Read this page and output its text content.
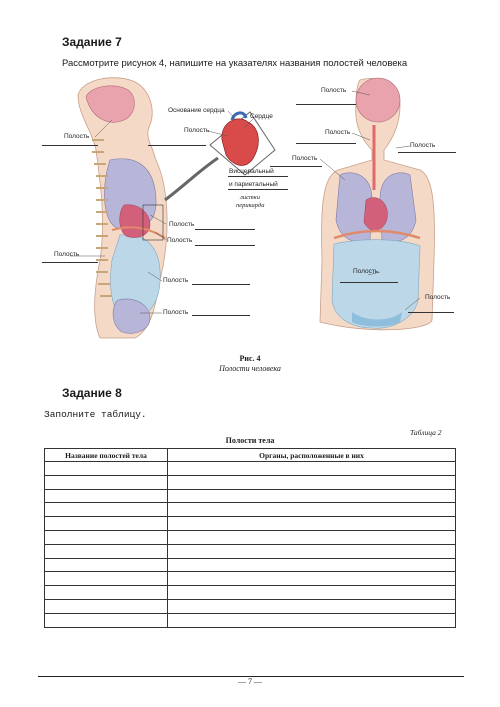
Задание 7
Рассмотрите рисунок 4, напишите на указателях названия полостей человека
Полость
Полость
Основание сердца
Сердце
Полость
Висцеральный
и париетальный
листки
перикарда
Полость
Полость
Полость
Полость
Полость
Полость
Полость
Полость
Полость
Полость
Рис. 4
Полости человека
Задание 8
Заполните таблицу.
Таблица 2
Полости тела
Название полостей тела	Органы, расположенные в них

— 7 —
